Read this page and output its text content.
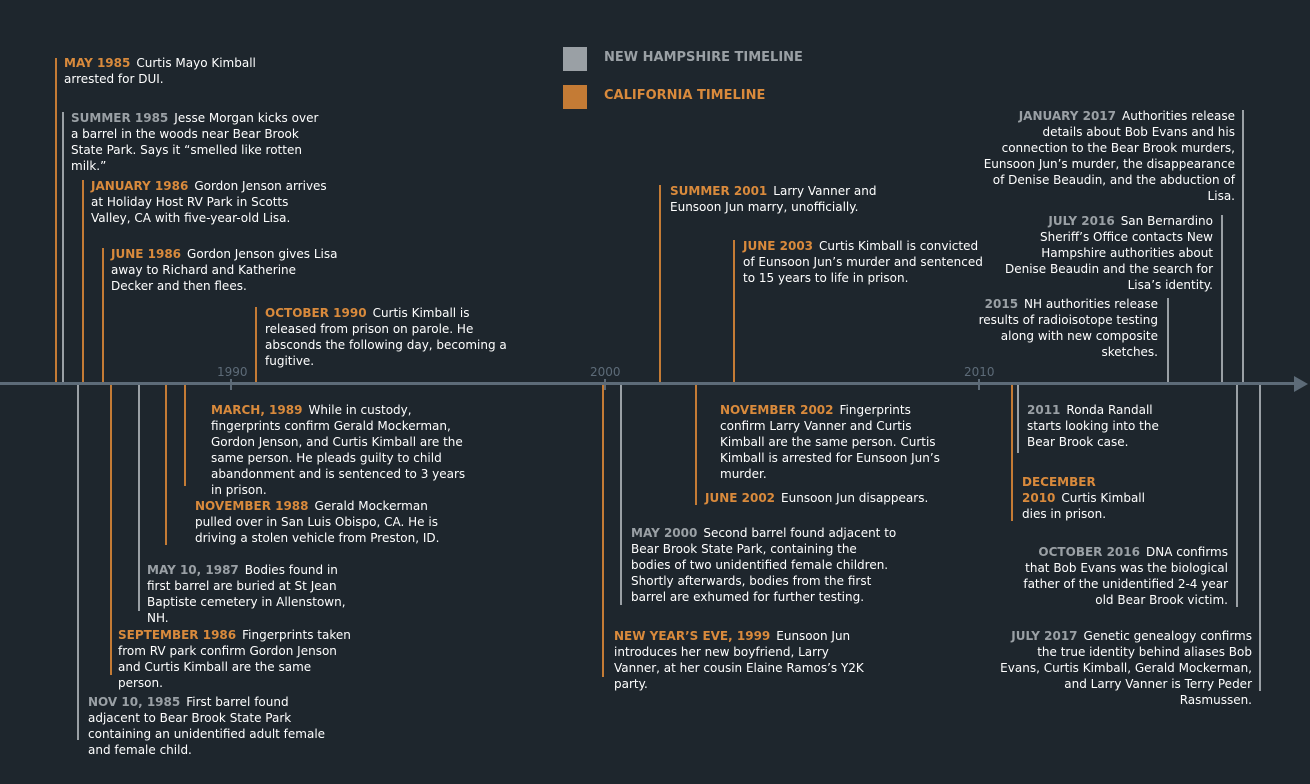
1990	2000	2010
NEW HAMPSHIRE TIMELINE
CALIFORNIA TIMELINE
MAY 1985 Curtis Mayo Kimball arrested for DUI.
SUMMER 1985 Jesse Morgan kicks over a barrel in the woods near Bear Brook State Park. Says it “smelled like rotten milk.”
JANUARY 1986 Gordon Jenson arrives at Holiday Host RV Park in Scotts Valley, CA with five-year-old Lisa.
JUNE 1986 Gordon Jenson gives Lisa away to Richard and Katherine Decker and then flees.
OCTOBER 1990 Curtis Kimball is released from prison on parole. He absconds the following day, becoming a fugitive.
MARCH, 1989 While in custody, fingerprints confirm Gerald Mockerman, Gordon Jenson, and Curtis Kimball are the same person. He pleads guilty to child abandonment and is sentenced to 3 years in prison.
NOVEMBER 1988 Gerald Mockerman pulled over in San Luis Obispo, CA. He is driving a stolen vehicle from Preston, ID.
MAY 10, 1987 Bodies found in first barrel are buried at St Jean Baptiste cemetery in Allenstown, NH.
SEPTEMBER 1986 Fingerprints taken from RV park confirm Gordon Jenson and Curtis Kimball are the same person.
NOV 10, 1985 First barrel found adjacent to Bear Brook State Park containing an unidentified adult female and female child.
SUMMER 2001 Larry Vanner and Eunsoon Jun marry, unofficially.
JUNE 2003 Curtis Kimball is convicted of Eunsoon Jun’s murder and sentenced to 15 years to life in prison.
NOVEMBER 2002 Fingerprints confirm Larry Vanner and Curtis Kimball are the same person. Curtis Kimball is arrested for Eunsoon Jun’s murder.
JUNE 2002 Eunsoon Jun disappears.
MAY 2000 Second barrel found adjacent to Bear Brook State Park, containing the bodies of two unidentified female children. Shortly afterwards, bodies from the first barrel are exhumed for further testing.
NEW YEAR’S EVE, 1999 Eunsoon Jun introduces her new boyfriend, Larry Vanner, at her cousin Elaine Ramos’s Y2K party.
JANUARY 2017 Authorities release details about Bob Evans and his connection to the Bear Brook murders, Eunsoon Jun’s murder, the disappearance of Denise Beaudin, and the abduction of Lisa.
JULY 2016 San Bernardino Sheriff’s Office contacts New Hampshire authorities about Denise Beaudin and the search for Lisa’s identity.
2015 NH authorities release results of radioisotope testing along with new composite sketches.
2011 Ronda Randall starts looking into the Bear Brook case.
DECEMBER 2010 Curtis Kimball dies in prison.
OCTOBER 2016 DNA confirms that Bob Evans was the biological father of the unidentified 2-4 year old Bear Brook victim.
JULY 2017 Genetic genealogy confirms the true identity behind aliases Bob Evans, Curtis Kimball, Gerald Mockerman, and Larry Vanner is Terry Peder Rasmussen.
